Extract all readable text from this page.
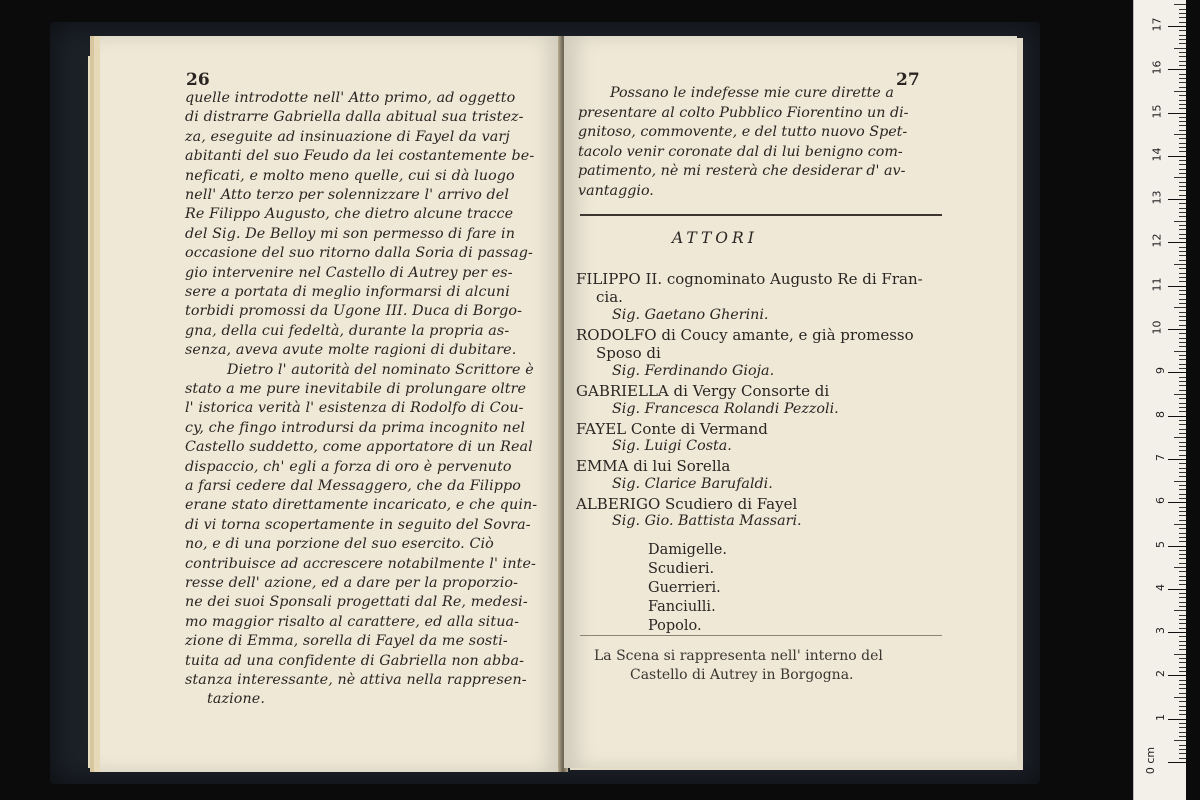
26
quelle introdotte nell' Atto primo, ad oggetto
di distrarre Gabriella dalla abitual sua tristez-
za, eseguite ad insinuazione di Fayel da varj
abitanti del suo Feudo da lei costantemente be-
neficati, e molto meno quelle, cui si dà luogo
nell' Atto terzo per solennizzare l' arrivo del
Re Filippo Augusto, che dietro alcune tracce
del Sig. De Belloy mi son permesso di fare in
occasione del suo ritorno dalla Soria di passag-
gio intervenire nel Castello di Autrey per es-
sere a portata di meglio informarsi di alcuni
torbidi promossi da Ugone III. Duca di Borgo-
gna, della cui fedeltà, durante la propria as-
senza, aveva avute molte ragioni di dubitare.
Dietro l' autorità del nominato Scrittore è
stato a me pure inevitabile di prolungare oltre
l' istorica verità l' esistenza di Rodolfo di Cou-
cy, che fingo introdursi da prima incognito nel
Castello suddetto, come apportatore di un Real
dispaccio, ch' egli a forza di oro è pervenuto
a farsi cedere dal Messaggero, che da Filippo
erane stato direttamente incaricato, e che quin-
di vi torna scopertamente in seguito del Sovra-
no, e di una porzione del suo esercito. Ciò
contribuisce ad accrescere notabilmente l' inte-
resse dell' azione, ed a dare per la proporzio-
ne dei suoi Sponsali progettati dal Re, medesi-
mo maggior risalto al carattere, ed alla situa-
zione di Emma, sorella di Fayel da me sosti-
tuita ad una confidente di Gabriella non abba-
stanza interessante, nè attiva nella rappresen-
tazione.
27
Possano le indefesse mie cure dirette a
presentare al colto Pubblico Fiorentino un di-
gnitoso, commovente, e del tutto nuovo Spet-
tacolo venir coronate dal di lui benigno com-
patimento, nè mi resterà che desiderar d' av-
vantaggio.
ATTORI
FILIPPO II. cognominato Augusto Re di Fran-
cia.
Sig. Gaetano Gherini.
RODOLFO di Coucy amante, e già promesso
Sposo di
Sig. Ferdinando Gioja.
GABRIELLA di Vergy Consorte di
Sig. Francesca Rolandi Pezzoli.
FAYEL Conte di Vermand
Sig. Luigi Costa.
EMMA di lui Sorella
Sig. Clarice Barufaldi.
ALBERIGO Scudiero di Fayel
Sig. Gio. Battista Massari.
Damigelle.
Scudieri.
Guerrieri.
Fanciulli.
Popolo.
La Scena si rappresenta nell' interno del
Castello di Autrey in Borgogna.
0 cm
1
2
3
4
5
6
7
8
9
10
11
12
13
14
15
16
17
